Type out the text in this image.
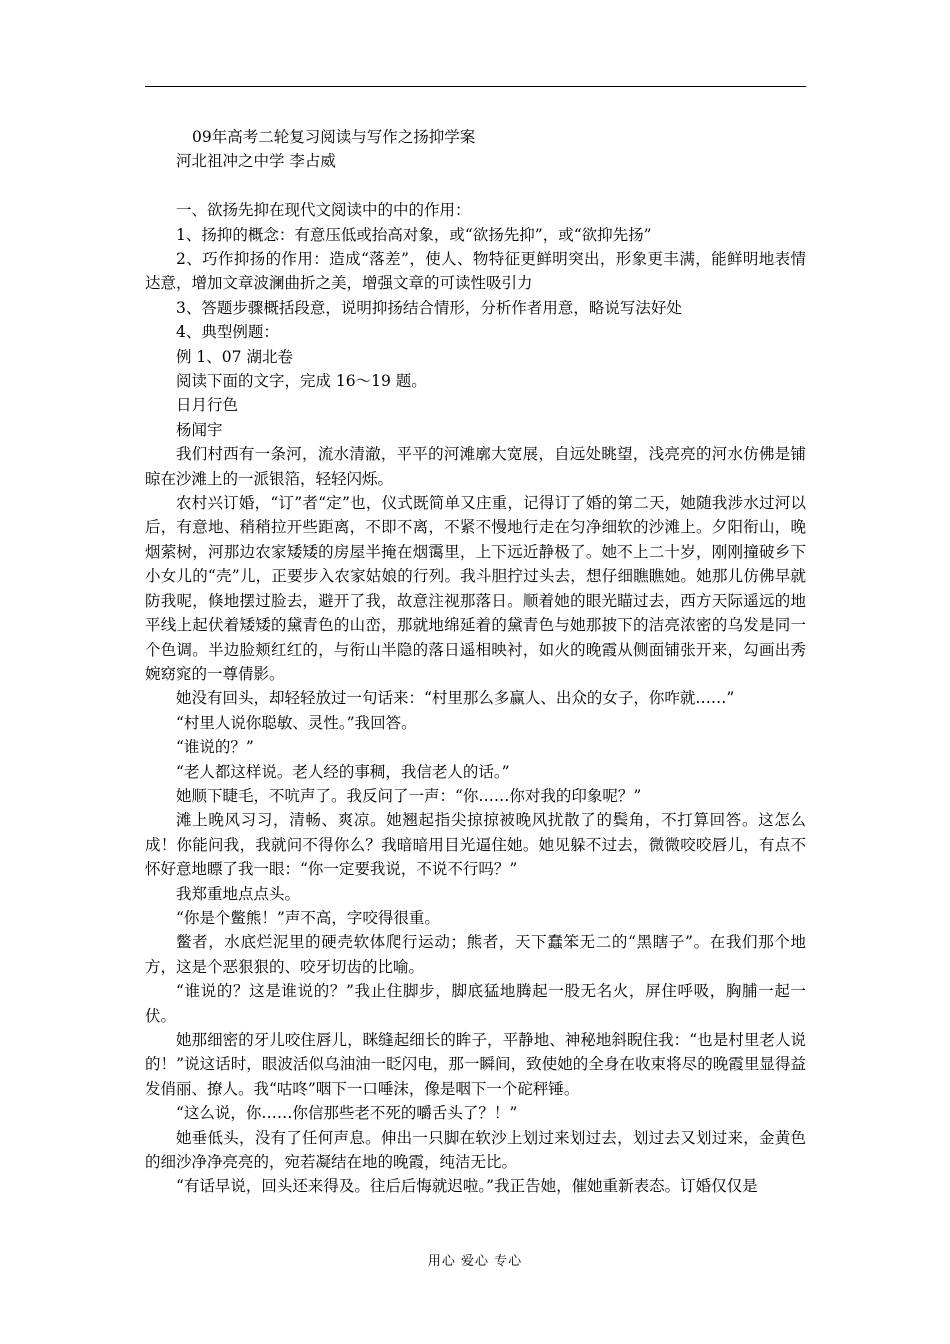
09年高考二轮复习阅读与写作之扬抑学案

河北祖冲之中学 李占威

一、欲扬先抑在现代文阅读中的中的作用：

1、扬抑的概念：有意压低或抬高对象，或“欲扬先抑”，或“欲抑先扬”

2、巧作抑扬的作用：造成“落差”，使人、物特征更鲜明突出，形象更丰满，能鲜明地表情达意，增加文章波澜曲折之美，增强文章的可读性吸引力

3、答题步骤概括段意，说明抑扬结合情形，分析作者用意，略说写法好处

4、典型例题：

例 1、07 湖北卷

阅读下面的文字，完成 16～19 题。

日月行色

杨闻宇

我们村西有一条河，流水清澈，平平的河滩廓大宽展，自远处眺望，浅亮亮的河水仿佛是铺晾在沙滩上的一派银箔，轻轻闪烁。

农村兴订婚，“订”者“定”也，仪式既简单又庄重，记得订了婚的第二天，她随我涉水过河以后，有意地、稍稍拉开些距离，不即不离，不紧不慢地行走在匀净细软的沙滩上。夕阳衔山，晚烟萦树，河那边农家矮矮的房屋半掩在烟霭里，上下远近静极了。她不上二十岁，刚刚撞破乡下小女儿的“壳”儿，正要步入农家姑娘的行列。我斗胆拧过头去，想仔细瞧瞧她。她那儿仿佛早就防我呢，倏地摆过脸去，避开了我，故意注视那落日。顺着她的眼光瞄过去，西方天际遥远的地平线上起伏着矮矮的黛青色的山峦，那就地绵延着的黛青色与她那披下的洁亮浓密的乌发是同一个色调。半边脸颊红红的，与衔山半隐的落日遥相映衬，如火的晚霞从侧面铺张开来，勾画出秀婉窈窕的一尊倩影。

她没有回头，却轻轻放过一句话来：“村里那么多赢人、出众的女子，你咋就……”

“村里人说你聪敏、灵性。”我回答。

“谁说的？”

“老人都这样说。老人经的事稠，我信老人的话。”

她顺下睫毛，不吭声了。我反问了一声：“你……你对我的印象呢？”

滩上晚风习习，清畅、爽凉。她翘起指尖掠掠被晚风扰散了的鬓角，不打算回答。这怎么成！你能问我，我就问不得你么？我暗暗用目光逼住她。她见躲不过去，微微咬咬唇儿，有点不怀好意地瞟了我一眼：“你一定要我说，不说不行吗？”

我郑重地点点头。

“你是个鳖熊！”声不高，字咬得很重。

鳖者，水底烂泥里的硬壳软体爬行运动；熊者，天下蠢笨无二的“黑瞎子”。在我们那个地方，这是个恶狠狠的、咬牙切齿的比喻。

“谁说的？这是谁说的？”我止住脚步，脚底猛地腾起一股无名火，屏住呼吸，胸脯一起一伏。

她那细密的牙儿咬住唇儿，眯缝起细长的眸子，平静地、神秘地斜睨住我：“也是村里老人说的！”说这话时，眼波活似乌油油一眨闪电，那一瞬间，致使她的全身在收束将尽的晚霞里显得益发俏丽、撩人。我“咕咚”咽下一口唾沫，像是咽下一个砣秤锤。

“这么说，你……你信那些老不死的嚼舌头了？！”

她垂低头，没有了任何声息。伸出一只脚在软沙上划过来划过去，划过去又划过来，金黄色的细沙净净亮亮的，宛若凝结在地的晚霞，纯洁无比。

“有话早说，回头还来得及。往后后悔就迟啦。”我正告她，催她重新表态。订婚仅仅是

用心 爱心 专心
